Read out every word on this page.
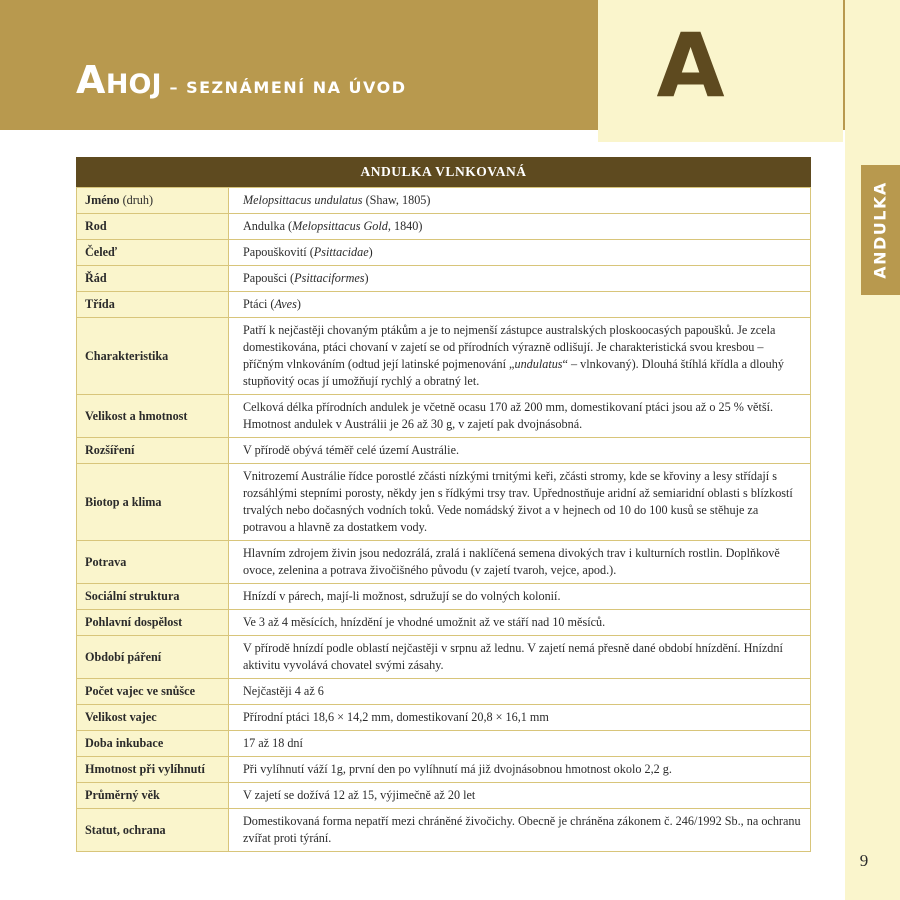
AHOJ – SEZNÁMENÍ NA ÚVOD	A
ANDULKA
ANDULKA VLNKOVANÁ
Jméno (druh)	Melopsittacus undulatus (Shaw, 1805)
Rod	Andulka (Melopsittacus Gold, 1840)
Čeleď	Papouškovití (Psittacidae)
Řád	Papoušci (Psittaciformes)
Třída	Ptáci (Aves)
Charakteristika	Patří k nejčastěji chovaným ptákům a je to nejmenší zástupce australských ploskoocasých papoušků. Je zcela domestikována, ptáci chovaní v zajetí se od přírodních výrazně odlišují. Je charakteristická svou kresbou – příčným vlnkováním (odtud její latinské pojmenování „undulatus“ – vlnkovaný). Dlouhá štíhlá křídla a dlouhý stupňovitý ocas jí umožňují rychlý a obratný let.
Velikost a hmotnost	Celková délka přírodních andulek je včetně ocasu 170 až 200 mm, domestikovaní ptáci jsou až o 25 % větší. Hmotnost andulek v Austrálii je 26 až 30 g, v zajetí pak dvojnásobná.
Rozšíření	V přírodě obývá téměř celé území Austrálie.
Biotop a klima	Vnitrozemí Austrálie řídce porostlé zčásti nízkými trnitými keři, zčásti stromy, kde se křoviny a lesy střídají s rozsáhlými stepními porosty, někdy jen s řídkými trsy trav. Upřednostňuje aridní až semiaridní oblasti s blízkostí trvalých nebo dočasných vodních toků. Vede nomádský život a v hejnech od 10 do 100 kusů se stěhuje za potravou a hlavně za dostatkem vody.
Potrava	Hlavním zdrojem živin jsou nedozrálá, zralá i naklíčená semena divokých trav i kulturních rostlin. Doplňkově ovoce, zelenina a potrava živočišného původu (v zajetí tvaroh, vejce, apod.).
Sociální struktura	Hnízdí v párech, mají-li možnost, sdružují se do volných kolonií.
Pohlavní dospělost	Ve 3 až 4 měsících, hnízdění je vhodné umožnit až ve stáří nad 10 měsíců.
Období páření	V přírodě hnízdí podle oblastí nejčastěji v srpnu až lednu. V zajetí nemá přesně dané období hnízdění. Hnízdní aktivitu vyvolává chovatel svými zásahy.
Počet vajec ve snůšce	Nejčastěji 4 až 6
Velikost vajec	Přírodní ptáci 18,6 × 14,2 mm, domestikovaní 20,8 × 16,1 mm
Doba inkubace	17 až 18 dní
Hmotnost při vylíhnutí	Při vylíhnutí váží 1g, první den po vylíhnutí má již dvojnásobnou hmotnost okolo 2,2 g.
Průměrný věk	V zajetí se dožívá 12 až 15, výjimečně až 20 let
Statut, ochrana	Domestikovaná forma nepatří mezi chráněné živočichy. Obecně je chráněna zákonem č. 246/1992 Sb., na ochranu zvířat proti týrání.
9
